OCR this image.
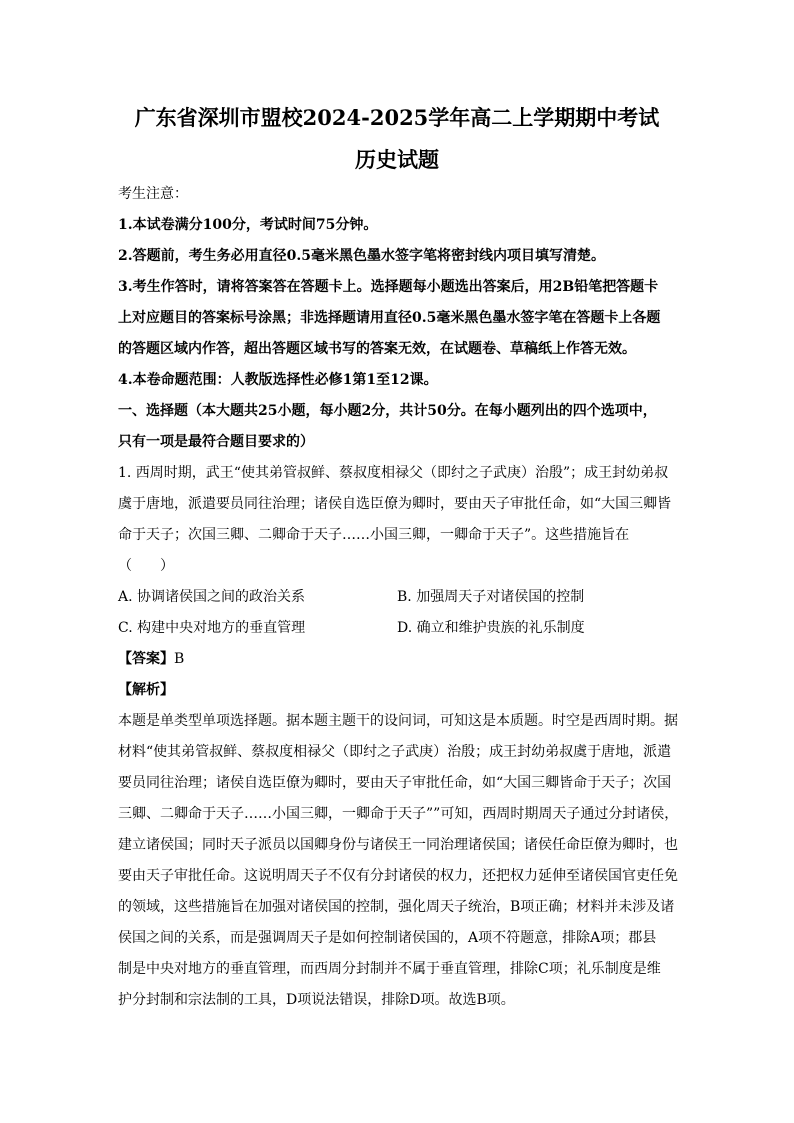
广东省深圳市盟校2024-2025学年高二上学期期中考试
历史试题

考生注意：

1.本试卷满分100分，考试时间75分钟。

2.答题前，考生务必用直径0.5毫米黑色墨水签字笔将密封线内项目填写清楚。

3.考生作答时，请将答案答在答题卡上。选择题每小题选出答案后，用2B铅笔把答题卡

上对应题目的答案标号涂黑；非选择题请用直径0.5毫米黑色墨水签字笔在答题卡上各题

的答题区域内作答，超出答题区域书写的答案无效，在试题卷、草稿纸上作答无效。

4.本卷命题范围：人教版选择性必修1第1至12课。

一、选择题（本大题共25小题，每小题2分，共计50分。在每小题列出的四个选项中，

只有一项是最符合题目要求的）

1. 西周时期，武王“使其弟管叔鲜、蔡叔度相禄父（即纣之子武庚）治殷”；成王封幼弟叔

虞于唐地，派遣要员同往治理；诸侯自选臣僚为卿时，要由天子审批任命，如“大国三卿皆

命于天子；次国三卿、二卿命于天子……小国三卿，一卿命于天子”。这些措施旨在

（　　）

A. 协调诸侯国之间的政治关系	B. 加强周天子对诸侯国的控制
C. 构建中央对地方的垂直管理	D. 确立和维护贵族的礼乐制度

【答案】B

【解析】

本题是单类型单项选择题。据本题主题干的设问词，可知这是本质题。时空是西周时期。据

材料“使其弟管叔鲜、蔡叔度相禄父（即纣之子武庚）治殷；成王封幼弟叔虞于唐地，派遣

要员同往治理；诸侯自选臣僚为卿时，要由天子审批任命，如“大国三卿皆命于天子；次国

三卿、二卿命于天子……小国三卿，一卿命于天子””可知，西周时期周天子通过分封诸侯，

建立诸侯国；同时天子派员以国卿身份与诸侯王一同治理诸侯国；诸侯任命臣僚为卿时，也

要由天子审批任命。这说明周天子不仅有分封诸侯的权力，还把权力延伸至诸侯国官吏任免

的领域，这些措施旨在加强对诸侯国的控制，强化周天子统治，B项正确；材料并未涉及诸

侯国之间的关系，而是强调周天子是如何控制诸侯国的，A项不符题意，排除A项；郡县

制是中央对地方的垂直管理，而西周分封制并不属于垂直管理，排除C项；礼乐制度是维

护分封制和宗法制的工具，D项说法错误，排除D项。故选B项。
